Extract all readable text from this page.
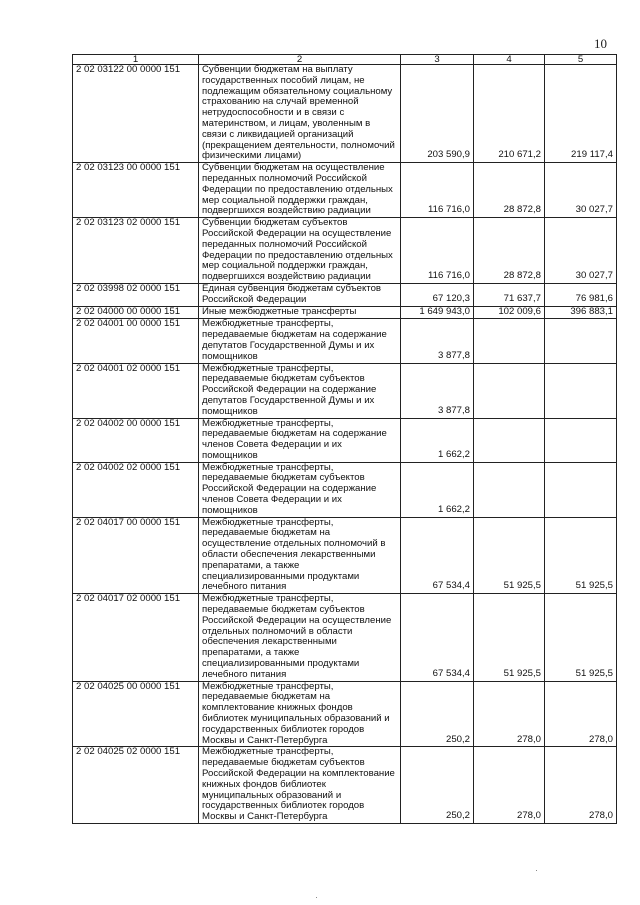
10
1	2	3	4	5
2 02 03122 00 0000 151	Субвенции бюджетам на выплату государственных пособий лицам, не подлежащим обязательному социальному страхованию на случай временной нетрудоспособности и в связи с материнством, и лицам, уволенным в связи с ликвидацией организаций (прекращением деятельности, полномочий физическими лицами)	203 590,9	210 671,2	219 117,4
2 02 03123 00 0000 151	Субвенции бюджетам на осуществление переданных полномочий Российской Федерации по предоставлению отдельных мер социальной поддержки граждан, подвергшихся воздействию радиации	116 716,0	28 872,8	30 027,7
2 02 03123 02 0000 151	Субвенции бюджетам субъектов Российской Федерации на осуществление переданных полномочий Российской Федерации по предоставлению отдельных мер социальной поддержки граждан, подвергшихся воздействию радиации	116 716,0	28 872,8	30 027,7
2 02 03998 02 0000 151	Единая субвенция бюджетам субъектов Российской Федерации	67 120,3	71 637,7	76 981,6
2 02 04000 00 0000 151	Иные межбюджетные трансферты	1 649 943,0	102 009,6	396 883,1
2 02 04001 00 0000 151	Межбюджетные трансферты, передаваемые бюджетам на содержание депутатов Государственной Думы и их помощников	3 877,8		
2 02 04001 02 0000 151	Межбюджетные трансферты, передаваемые бюджетам субъектов Российской Федерации на содержание депутатов Государственной Думы и их помощников	3 877,8		
2 02 04002 00 0000 151	Межбюджетные трансферты, передаваемые бюджетам на содержание членов Совета Федерации и их помощников	1 662,2		
2 02 04002 02 0000 151	Межбюджетные трансферты, передаваемые бюджетам субъектов Российской Федерации на содержание членов Совета Федерации и их помощников	1 662,2		
2 02 04017 00 0000 151	Межбюджетные трансферты, передаваемые бюджетам на осуществление отдельных полномочий в области обеспечения лекарственными препаратами, а также специализированными продуктами лечебного питания	67 534,4	51 925,5	51 925,5
2 02 04017 02 0000 151	Межбюджетные трансферты, передаваемые бюджетам субъектов Российской Федерации на осуществление отдельных полномочий в области обеспечения лекарственными препаратами, а также специализированными продуктами лечебного питания	67 534,4	51 925,5	51 925,5
2 02 04025 00 0000 151	Межбюджетные трансферты, передаваемые бюджетам на комплектование книжных фондов библиотек муниципальных образований и государственных библиотек городов Москвы и Санкт-Петербурга	250,2	278,0	278,0
2 02 04025 02 0000 151	Межбюджетные трансферты, передаваемые бюджетам субъектов Российской Федерации на комплектование книжных фондов библиотек муниципальных образований и государственных библиотек городов Москвы и Санкт-Петербурга	250,2	278,0	278,0
